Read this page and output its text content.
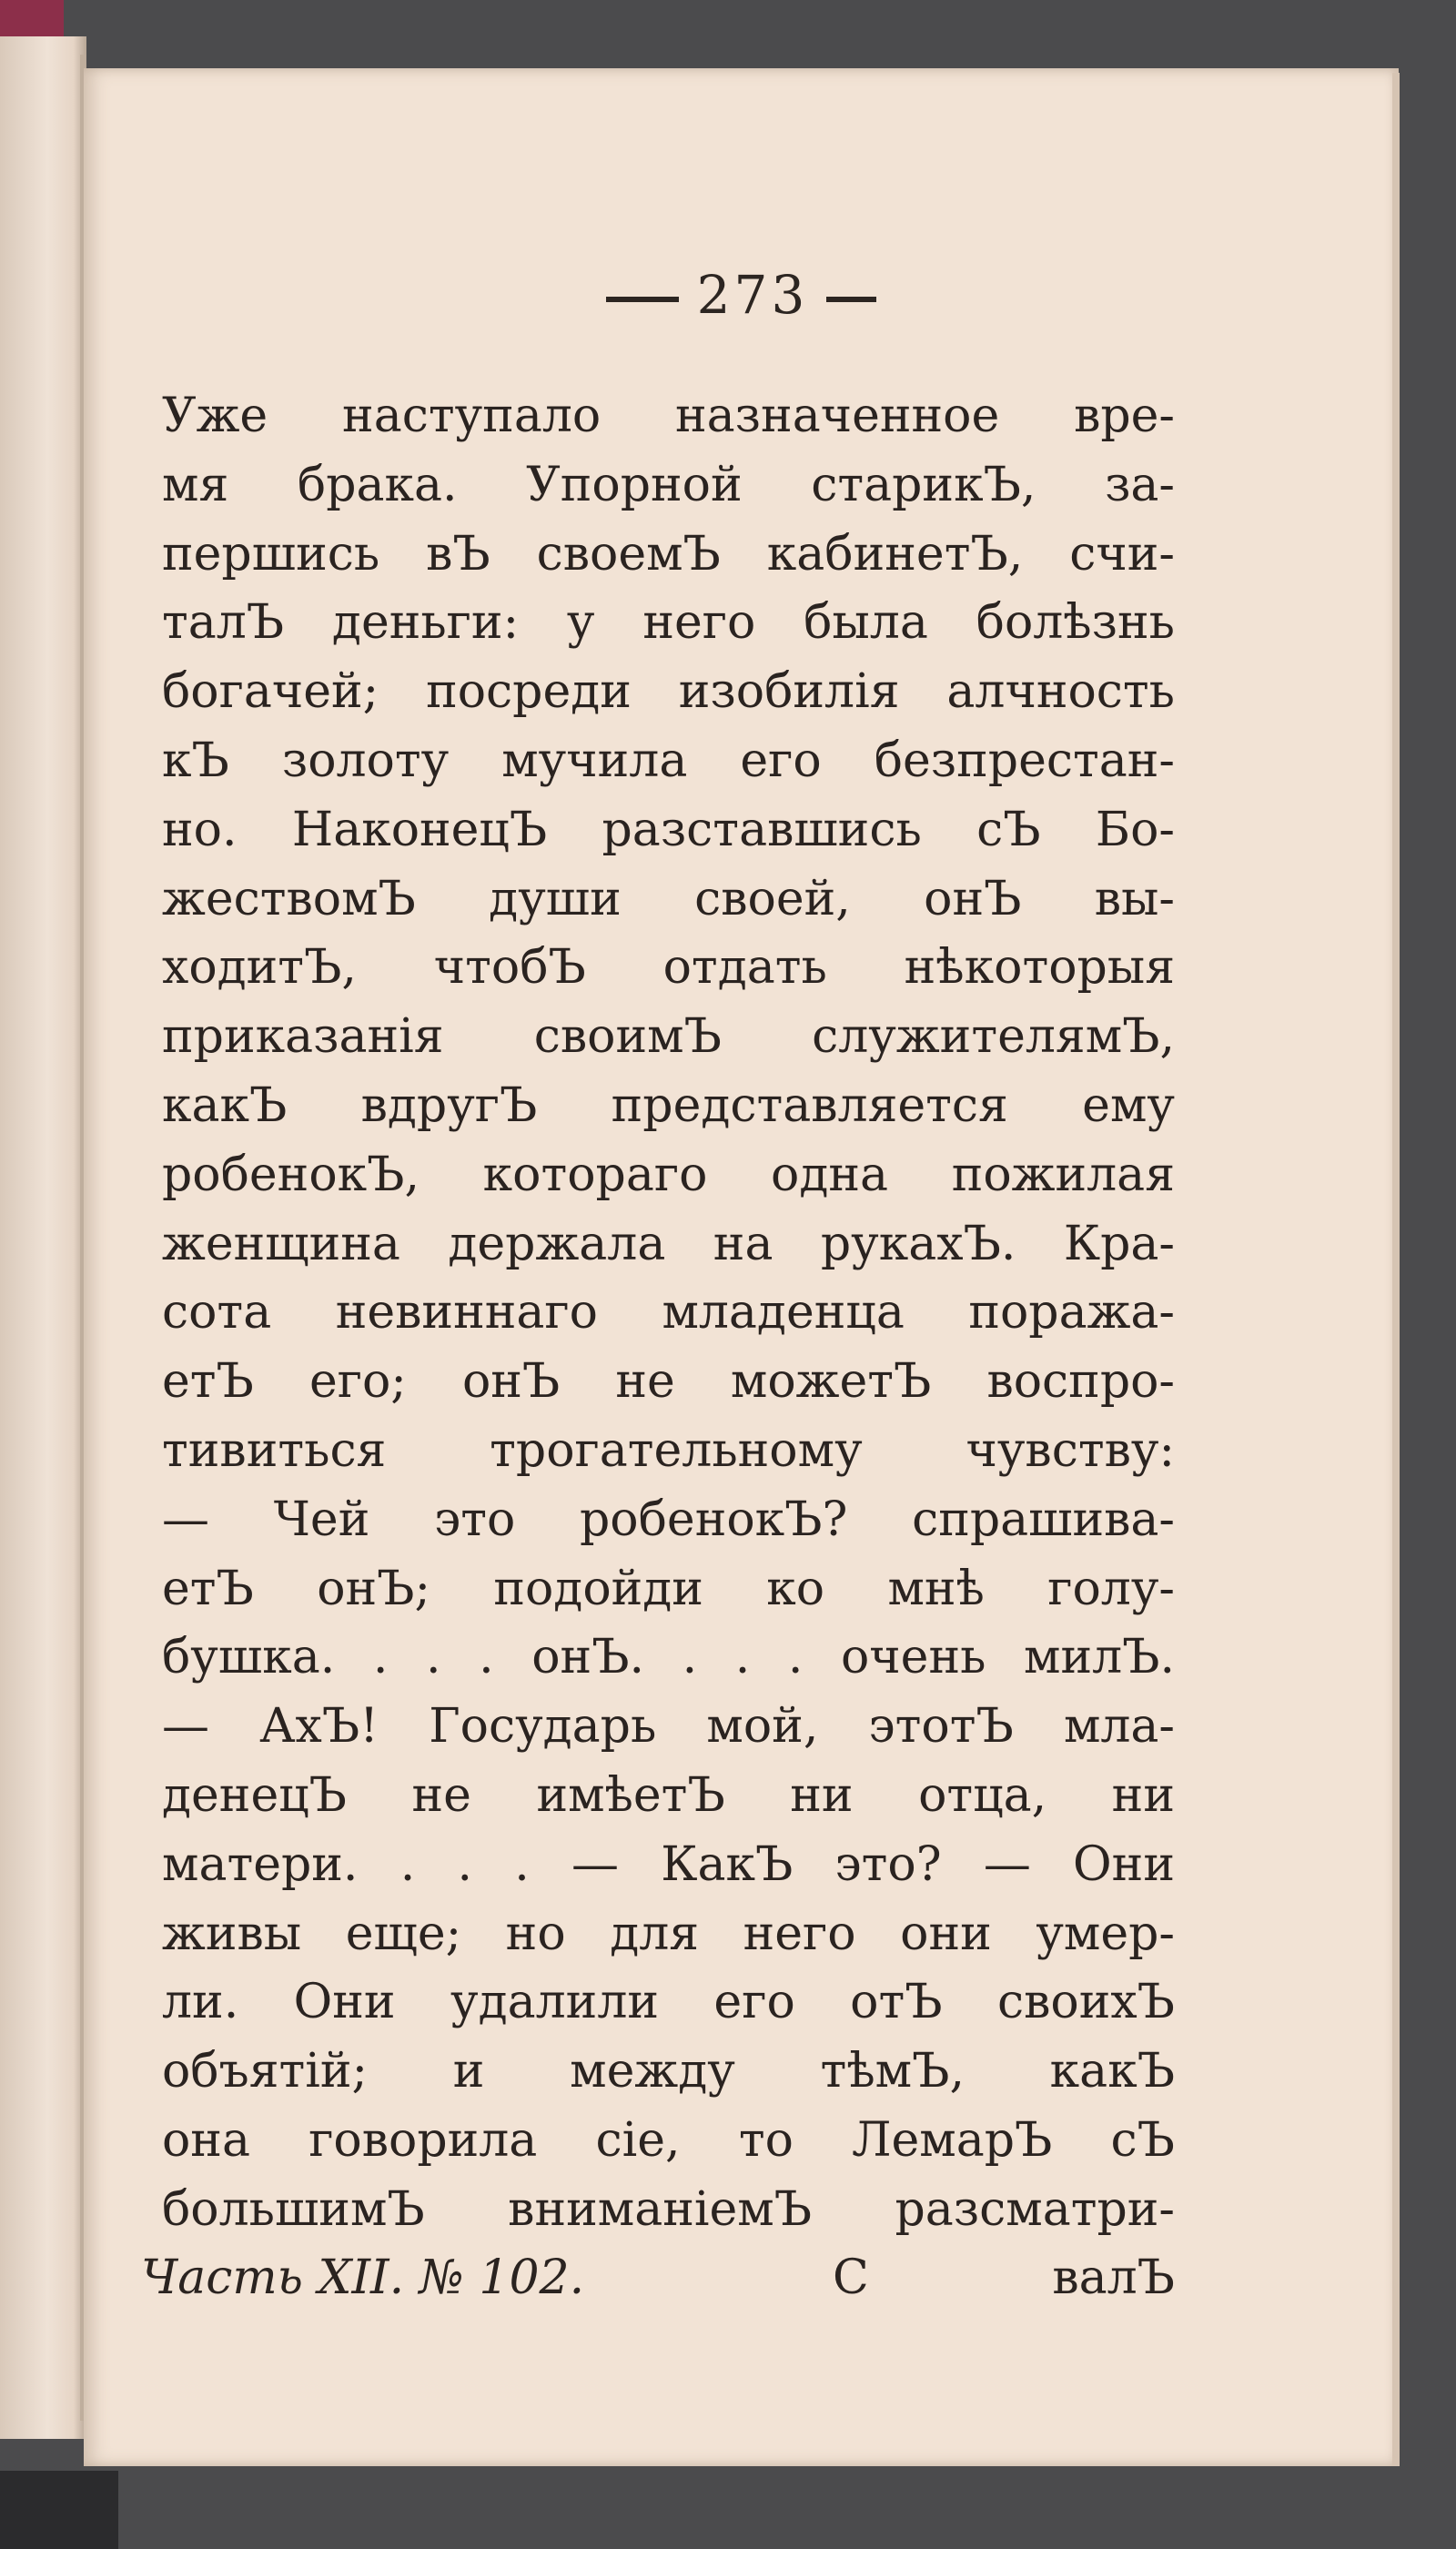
273
Уже наступало назначенное вре-
мя брака. Упорной старикЪ, за-
першись вЪ своемЪ кабинетЪ, счи-
талЪ деньги: у него была болѣзнь
богачей; посреди изобилія алчность
кЪ золоту мучила его безпрестан-
но. НаконецЪ разставшись сЪ Бо-
жествомЪ души своей, онЪ вы-
ходитЪ, чтобЪ отдать нѣкоторыя
приказанія своимЪ служителямЪ,
какЪ вдругЪ представляется ему
робенокЪ, котораго одна пожилая
женщина держала на рукахЪ. Кра-
сота невиннаго младенца поража-
етЪ его; онЪ не можетЪ воспро-
тивиться трогательному чувству:
— Чей это робенокЪ? спрашива-
етЪ онЪ; подойди ко мнѣ голу-
бушка. . . . онЪ. . . . очень милЪ.
— АхЪ! Государь мой, этотЪ мла-
денецЪ не имѣетЪ ни отца, ни
матери. . . . — КакЪ это? — Они
живы еще; но для него они умер-
ли. Они удалили его отЪ своихЪ
объятій; и между тѣмЪ, какЪ
она говорила сіе, то ЛемарЪ сЪ
большимЪ вниманіемЪ разсматри-
Часть XII. № 102.	С	валЪ
